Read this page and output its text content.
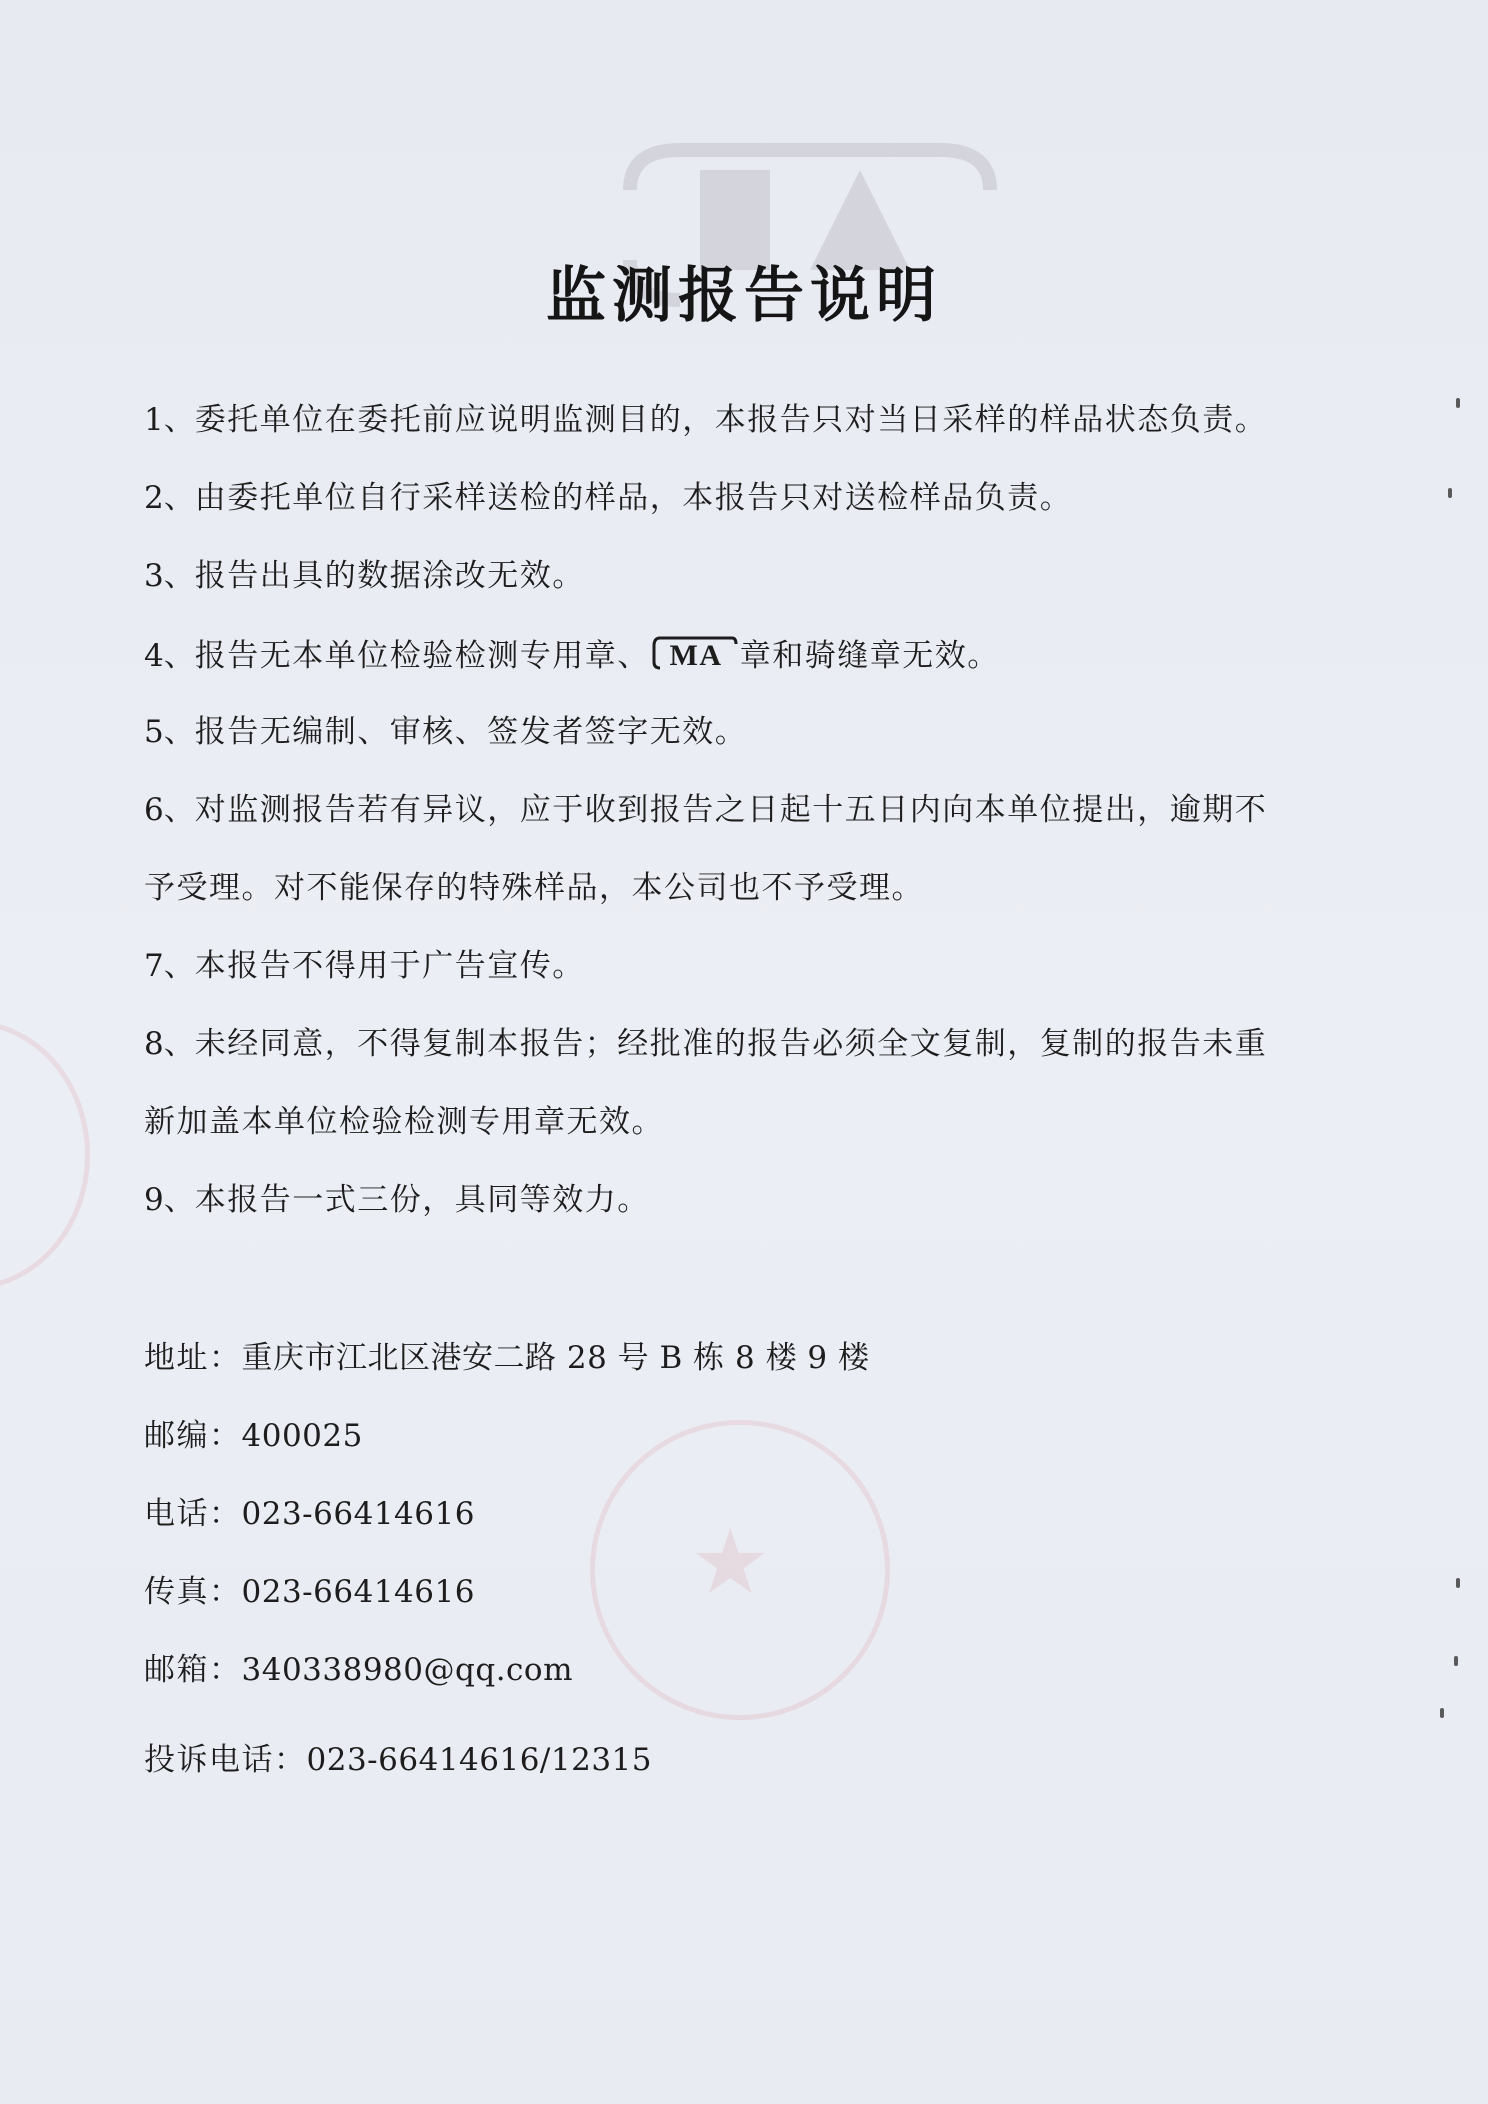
★
监测报告说明
1、委托单位在委托前应说明监测目的，本报告只对当日采样的样品状态负责。
2、由委托单位自行采样送检的样品，本报告只对送检样品负责。
3、报告出具的数据涂改无效。
4、报告无本单位检验检测专用章、 MA 章和骑缝章无效。
5、报告无编制、审核、签发者签字无效。
6、对监测报告若有异议，应于收到报告之日起十五日内向本单位提出，逾期不
予受理。对不能保存的特殊样品，本公司也不予受理。
7、本报告不得用于广告宣传。
8、未经同意，不得复制本报告；经批准的报告必须全文复制，复制的报告未重
新加盖本单位检验检测专用章无效。
9、本报告一式三份，具同等效力。
地址：重庆市江北区港安二路 28 号 B 栋 8 楼 9 楼
邮编：400025
电话：023-66414616
传真：023-66414616
邮箱：340338980@qq.com
投诉电话：023-66414616/12315
